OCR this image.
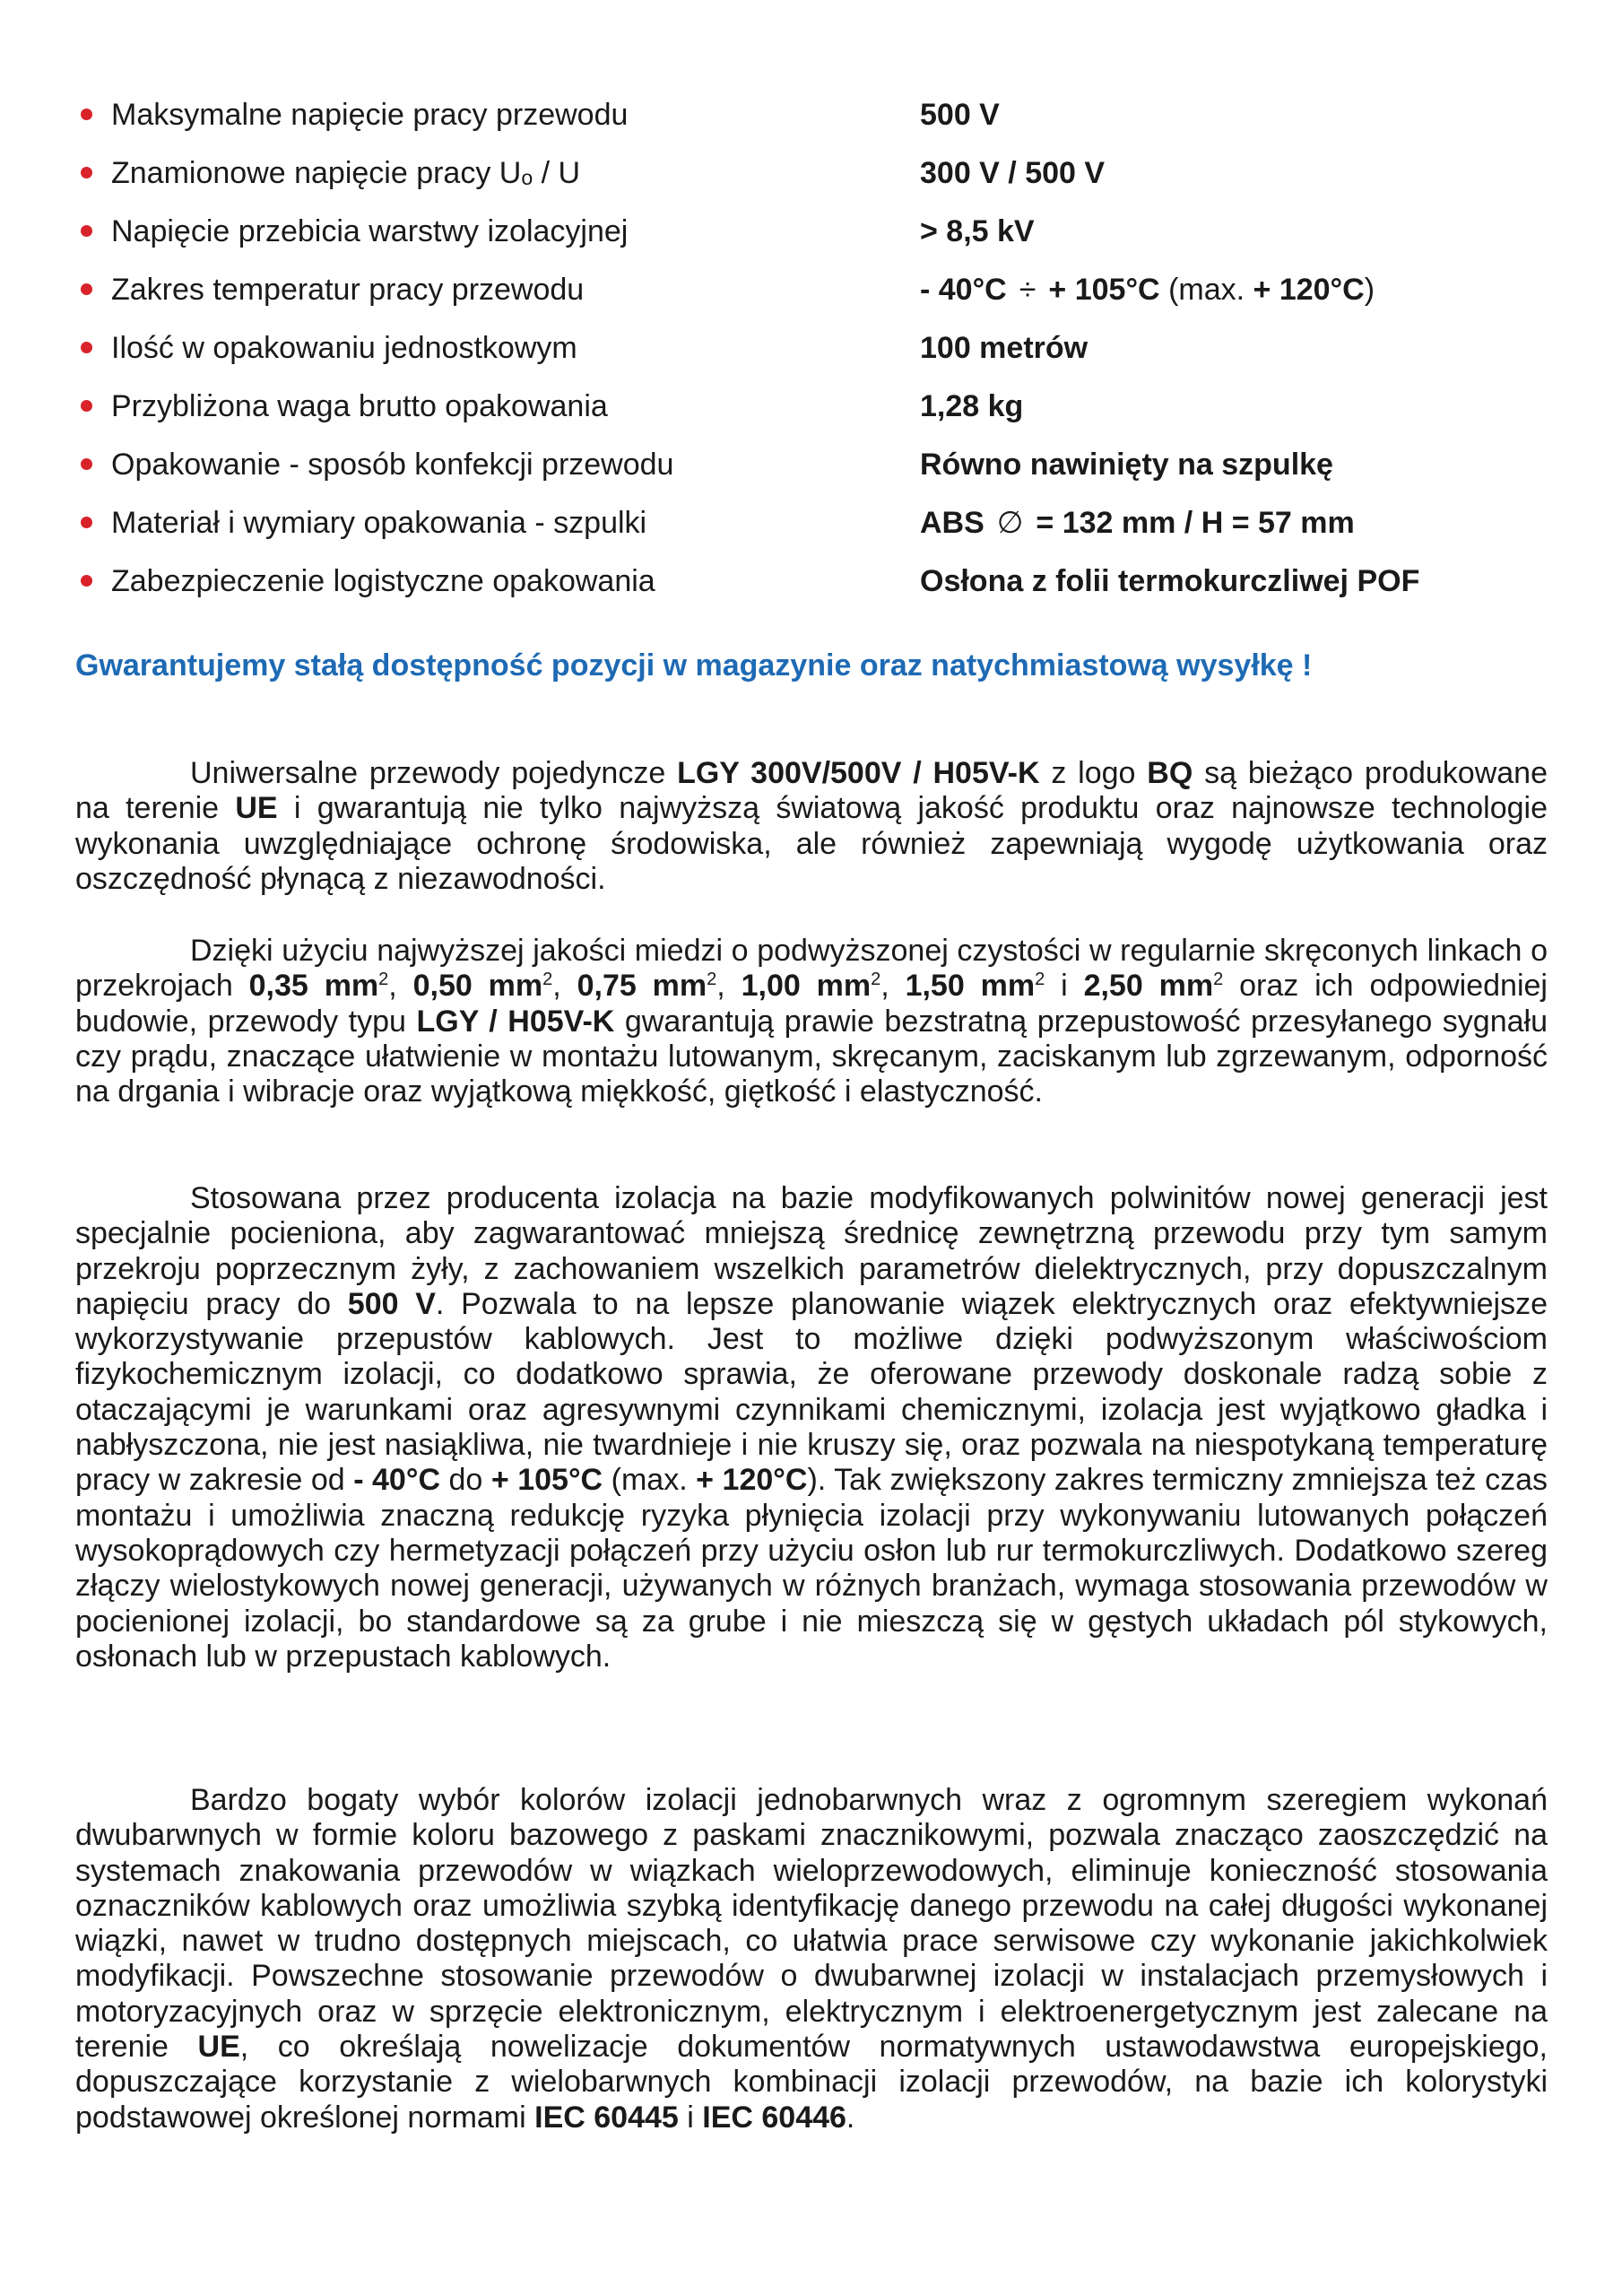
Maksymalne napięcie pracy przewodu	500 V
Znamionowe napięcie pracy Uₒ / U	300 V / 500 V
Napięcie przebicia warstwy izolacyjnej	> 8,5 kV
Zakres temperatur pracy przewodu	- 40°C ÷ + 105°C (max. + 120°C)
Ilość w opakowaniu jednostkowym	100 metrów
Przybliżona waga brutto opakowania	1,28 kg
Opakowanie - sposób konfekcji przewodu	Równo nawinięty na szpulkę
Materiał i wymiary opakowania - szpulki	ABS ∅ = 132 mm / H = 57 mm
Zabezpieczenie logistyczne opakowania	Osłona z folii termokurczliwej POF
Gwarantujemy stałą dostępność pozycji w magazynie oraz natychmiastową wysyłkę !

Uniwersalne przewody pojedyncze LGY 300V/500V / H05V-K z logo BQ są bieżąco produkowane na terenie UE i gwarantują nie tylko najwyższą światową jakość produktu oraz najnowsze technologie wykonania uwzględniające ochronę środowiska, ale również zapewniają wygodę użytkowania oraz oszczędność płynącą z niezawodności.

Dzięki użyciu najwyższej jakości miedzi o podwyższonej czystości w regularnie skręconych linkach o przekrojach 0,35 $mm^2$, 0,50 $mm^2$, 0,75 $mm^2$, 1,00 $mm^2$, 1,50 $mm^2$ i 2,50 $mm^2$ oraz ich odpowiedniej budowie, przewody typu LGY / H05V-K gwarantują prawie bezstratną przepustowość przesyłanego sygnału czy prądu, znaczące ułatwienie w montażu lutowanym, skręcanym, zaciskanym lub zgrzewanym, odporność na drgania i wibracje oraz wyjątkową miękkość, giętkość i elastyczność.

Stosowana przez producenta izolacja na bazie modyfikowanych polwinitów nowej generacji jest specjalnie pocieniona, aby zagwarantować mniejszą średnicę zewnętrzną przewodu przy tym samym przekroju poprzecznym żyły, z zachowaniem wszelkich parametrów dielektrycznych, przy dopuszczalnym napięciu pracy do 500 V. Pozwala to na lepsze planowanie wiązek elektrycznych oraz efektywniejsze wykorzystywanie przepustów kablowych. Jest to możliwe dzięki podwyższonym właściwościom fizykochemicznym izolacji, co dodatkowo sprawia, że oferowane przewody doskonale radzą sobie z otaczającymi je warunkami oraz agresywnymi czynnikami chemicznymi, izolacja jest wyjątkowo gładka i nabłyszczona, nie jest nasiąkliwa, nie twardnieje i nie kruszy się, oraz pozwala na niespotykaną temperaturę pracy w zakresie od - 40°C do + 105°C (max. + 120°C). Tak zwiększony zakres termiczny zmniejsza też czas montażu i umożliwia znaczną redukcję ryzyka płynięcia izolacji przy wykonywaniu lutowanych połączeń wysokoprądowych czy hermetyzacji połączeń przy użyciu osłon lub rur termokurczliwych. Dodatkowo szereg złączy wielostykowych nowej generacji, używanych w różnych branżach, wymaga stosowania przewodów w pocienionej izolacji, bo standardowe są za grube i nie mieszczą się w gęstych układach pól stykowych, osłonach lub w przepustach kablowych.

Bardzo bogaty wybór kolorów izolacji jednobarwnych wraz z ogromnym szeregiem wykonań dwubarwnych w formie koloru bazowego z paskami znacznikowymi, pozwala znacząco zaoszczędzić na systemach znakowania przewodów w wiązkach wieloprzewodowych, eliminuje konieczność stosowania oznaczników kablowych oraz umożliwia szybką identyfikację danego przewodu na całej długości wykonanej wiązki, nawet w trudno dostępnych miejscach, co ułatwia prace serwisowe czy wykonanie jakichkolwiek modyfikacji. Powszechne stosowanie przewodów o dwubarwnej izolacji w instalacjach przemysłowych i motoryzacyjnych oraz w sprzęcie elektronicznym, elektrycznym i elektroenergetycznym jest zalecane na terenie UE, co określają nowelizacje dokumentów normatywnych ustawodawstwa europejskiego, dopuszczające korzystanie z wielobarwnych kombinacji izolacji przewodów, na bazie ich kolorystyki podstawowej określonej normami IEC 60445 i IEC 60446.
